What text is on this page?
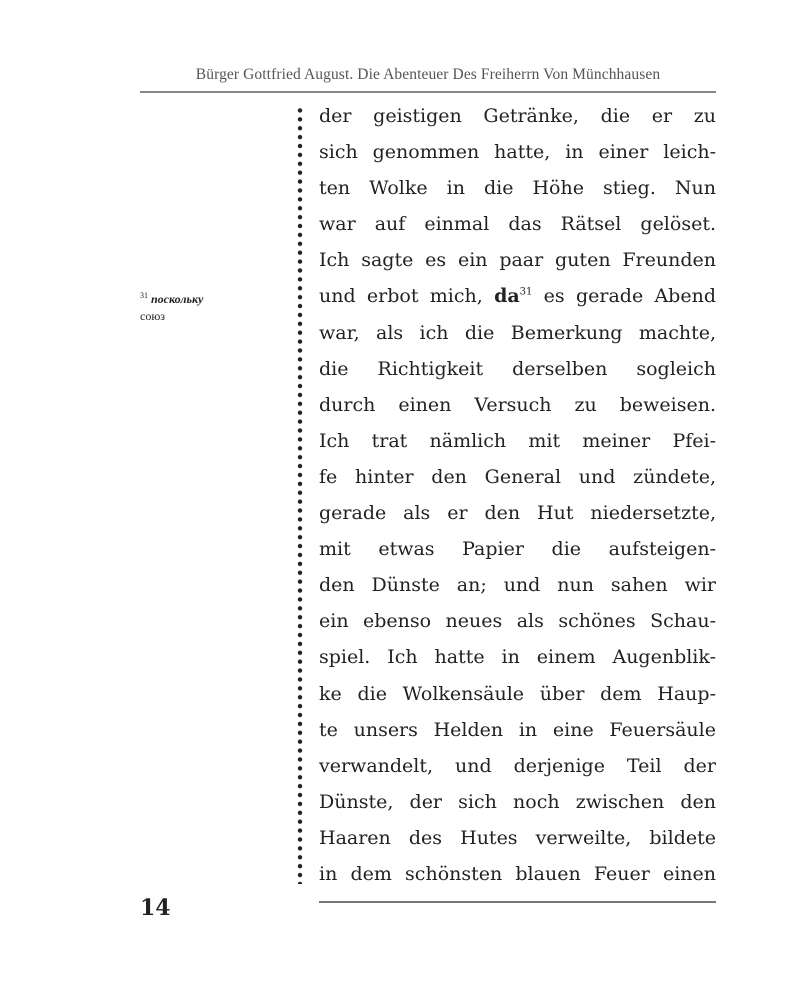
Bürger Gottfried August. Die Abenteuer Des Freiherrn Von Münchhausen
$^{31}$ поскольку
союз
der geistigen Getränke, die er zu
sich genommen hatte, in einer leich-
ten Wolke in die Höhe stieg. Nun
war auf einmal das Rätsel gelöset.
Ich sagte es ein paar guten Freunden
und erbot mich, $da^{31}$ es gerade Abend
war, als ich die Bemerkung machte,
die Richtigkeit derselben sogleich
durch einen Versuch zu beweisen.
Ich trat nämlich mit meiner Pfei-
fe hinter den General und zündete,
gerade als er den Hut niedersetzte,
mit etwas Papier die aufsteigen-
den Dünste an; und nun sahen wir
ein ebenso neues als schönes Schau-
spiel. Ich hatte in einem Augenblik-
ke die Wolkensäule über dem Haup-
te unsers Helden in eine Feuersäule
verwandelt, und derjenige Teil der
Dünste, der sich noch zwischen den
Haaren des Hutes verweilte, bildete
in dem schönsten blauen Feuer einen
14
